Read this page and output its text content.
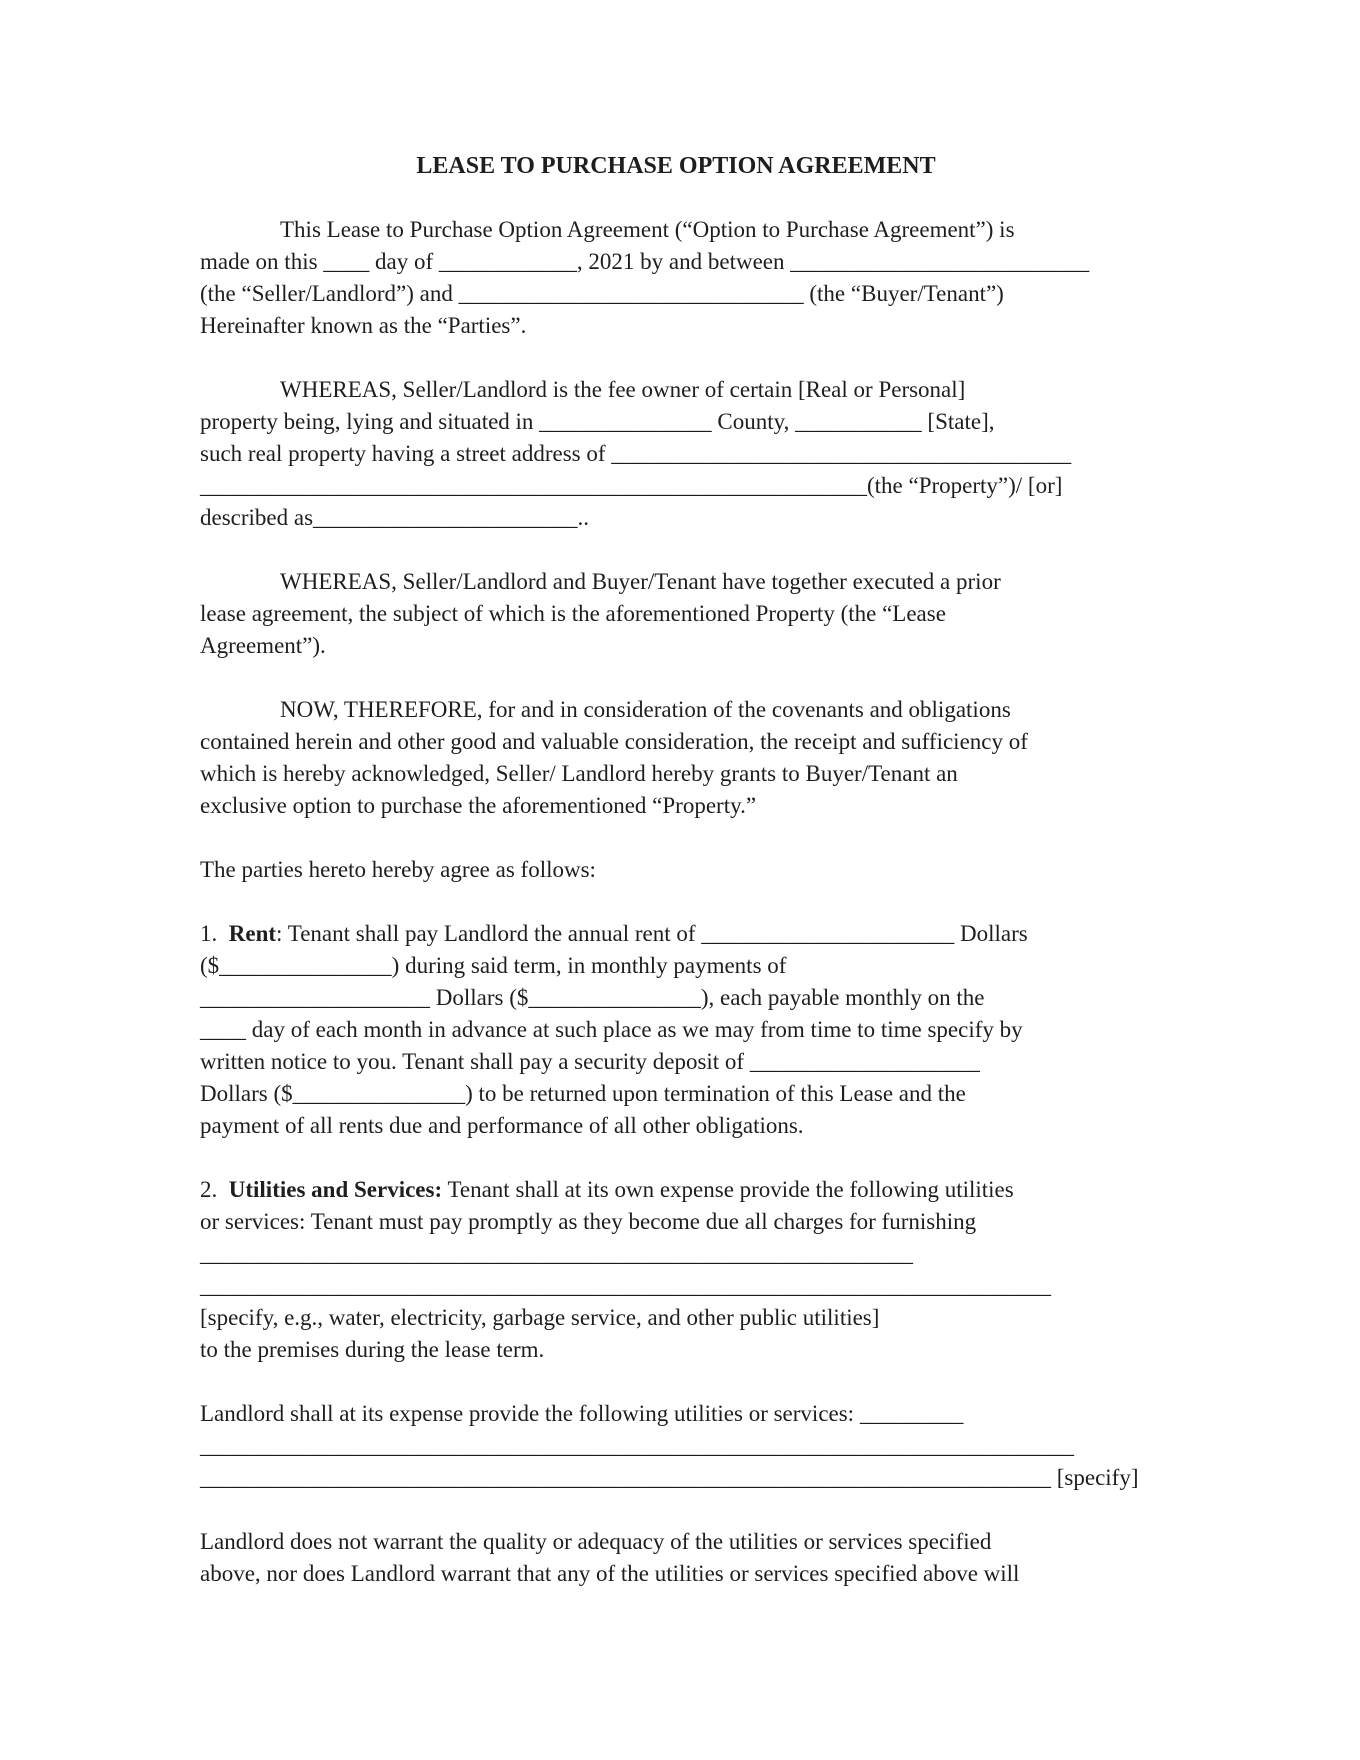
LEASE TO PURCHASE OPTION AGREEMENT

This Lease to Purchase Option Agreement (“Option to Purchase Agreement”) is
made on this ____ day of ____________, 2021 by and between __________________________
(the “Seller/Landlord”) and ______________________________ (the “Buyer/Tenant”)
Hereinafter known as the “Parties”.

WHEREAS, Seller/Landlord is the fee owner of certain [Real or Personal]
property being, lying and situated in _______________ County, ___________ [State],
such real property having a street address of ________________________________________
__________________________________________________________(the “Property”)/ [or]
described as_______________________..

WHEREAS, Seller/Landlord and Buyer/Tenant have together executed a prior
lease agreement, the subject of which is the aforementioned Property (the “Lease
Agreement”).

NOW, THEREFORE, for and in consideration of the covenants and obligations
contained herein and other good and valuable consideration, the receipt and sufficiency of
which is hereby acknowledged, Seller/ Landlord hereby grants to Buyer/Tenant an
exclusive option to purchase the aforementioned “Property.”

The parties hereto hereby agree as follows:

1.  Rent: Tenant shall pay Landlord the annual rent of ______________________ Dollars
($_______________) during said term, in monthly payments of
____________________ Dollars ($_______________), each payable monthly on the
____ day of each month in advance at such place as we may from time to time specify by
written notice to you. Tenant shall pay a security deposit of ____________________
Dollars ($_______________) to be returned upon termination of this Lease and the
payment of all rents due and performance of all other obligations.

2.  Utilities and Services: Tenant shall at its own expense provide the following utilities
or services: Tenant must pay promptly as they become due all charges for furnishing
______________________________________________________________
__________________________________________________________________________
[specify, e.g., water, electricity, garbage service, and other public utilities]
to the premises during the lease term.

Landlord shall at its expense provide the following utilities or services: _________
____________________________________________________________________________
__________________________________________________________________________ [specify]

Landlord does not warrant the quality or adequacy of the utilities or services specified
above, nor does Landlord warrant that any of the utilities or services specified above will
